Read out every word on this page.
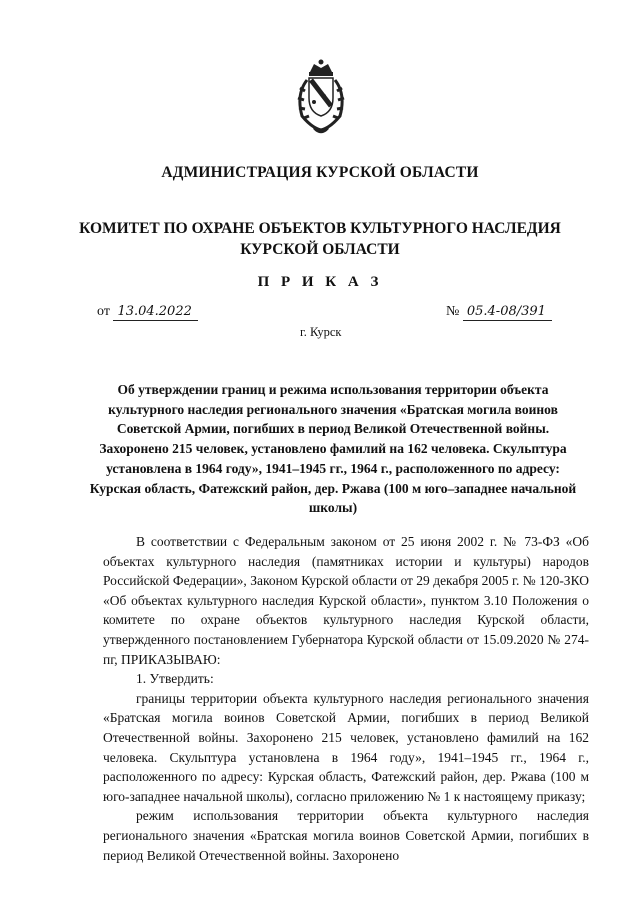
АДМИНИСТРАЦИЯ КУРСКОЙ ОБЛАСТИ
КОМИТЕТ ПО ОХРАНЕ ОБЪЕКТОВ КУЛЬТУРНОГО НАСЛЕДИЯ
КУРСКОЙ ОБЛАСТИ
П Р И К А З
от 13.04.2022	№ 05.4-08/391
г. Курск
Об утверждении границ и режима использования территории объекта культурного наследия регионального значения «Братская могила воинов Советской Армии, погибших в период Великой Отечественной войны. Захоронено 215 человек, установлено фамилий на 162 человека. Скульптура установлена в 1964 году», 1941–1945 гг., 1964 г., расположенного по адресу: Курская область, Фатежский район, дер. Ржава (100 м юго–западнее начальной школы)

В соответствии с Федеральным законом от 25 июня 2002 г. № 73-ФЗ «Об объектах культурного наследия (памятниках истории и культуры) народов Российской Федерации», Законом Курской области от 29 декабря 2005 г. № 120-ЗКО «Об объектах культурного наследия Курской области», пунктом 3.10 Положения о комитете по охране объектов культурного наследия Курской области, утвержденного постановлением Губернатора Курской области от 15.09.2020 № 274-пг, ПРИКАЗЫВАЮ:

1. Утвердить:

границы территории объекта культурного наследия регионального значения «Братская могила воинов Советской Армии, погибших в период Великой Отечественной войны. Захоронено 215 человек, установлено фамилий на 162 человека. Скульптура установлена в 1964 году», 1941–1945 гг., 1964 г., расположенного по адресу: Курская область, Фатежский район, дер. Ржава (100 м юго-западнее начальной школы), согласно приложению № 1 к настоящему приказу;

режим использования территории объекта культурного наследия регионального значения «Братская могила воинов Советской Армии, погибших в период Великой Отечественной войны. Захоронено
